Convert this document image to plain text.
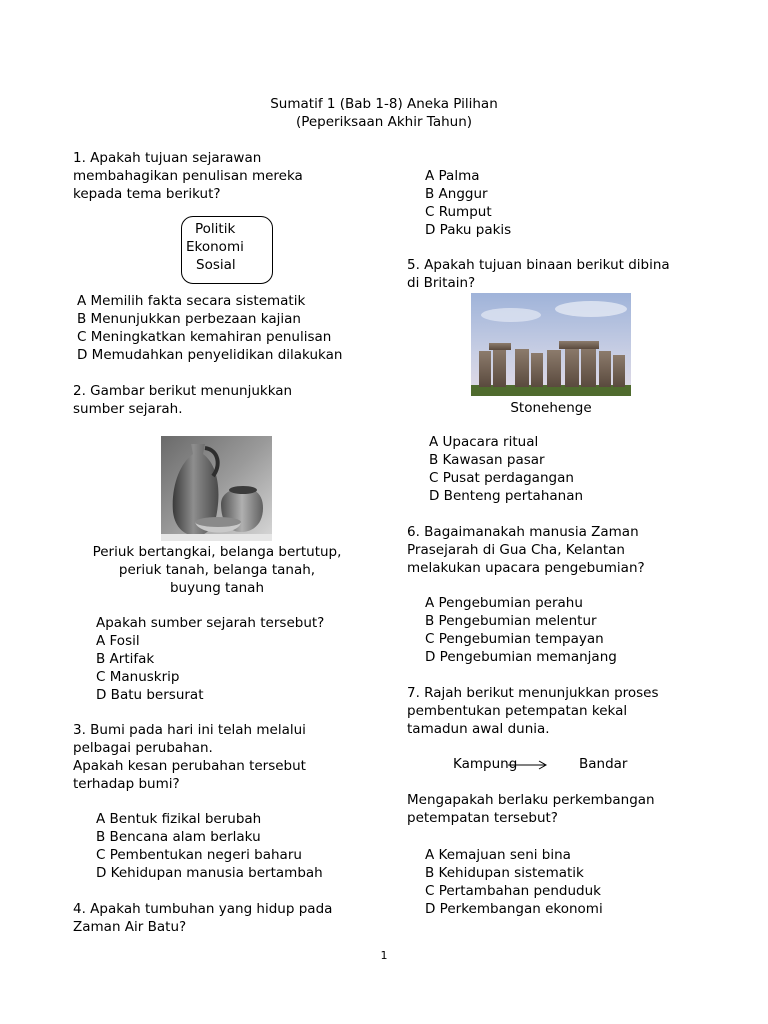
Sumatif 1 (Bab 1-8) Aneka Pilihan
(Peperiksaan Akhir Tahun)
1. Apakah tujuan sejarawan
membahagikan penulisan mereka
kepada tema berikut?
Politik
Ekonomi
Sosial
A Memilih fakta secara sistematik
B Menunjukkan perbezaan kajian
C Meningkatkan kemahiran penulisan
D Memudahkan penyelidikan dilakukan
2. Gambar berikut menunjukkan
sumber sejarah.
Periuk bertangkai, belanga bertutup,
periuk tanah, belanga tanah,
buyung tanah
Apakah sumber sejarah tersebut?
A Fosil
B Artifak
C Manuskrip
D Batu bersurat
3. Bumi pada hari ini telah melalui
pelbagai perubahan.
Apakah kesan perubahan tersebut
terhadap bumi?
A Bentuk fizikal berubah
B Bencana alam berlaku
C Pembentukan negeri baharu
D Kehidupan manusia bertambah
4. Apakah tumbuhan yang hidup pada
Zaman Air Batu?
A Palma
B Anggur
C Rumput
D Paku pakis
5. Apakah tujuan binaan berikut dibina
di Britain?
Stonehenge
A Upacara ritual
B Kawasan pasar
C Pusat perdagangan
D Benteng pertahanan
6. Bagaimanakah manusia Zaman
Prasejarah di Gua Cha, Kelantan
melakukan upacara pengebumian?
A Pengebumian perahu
B Pengebumian melentur
C Pengebumian tempayan
D Pengebumian memanjang
7. Rajah berikut menunjukkan proses
pembentukan petempatan kekal
tamadun awal dunia.
Kampung	Bandar
Mengapakah berlaku perkembangan
petempatan tersebut?
A Kemajuan seni bina
B Kehidupan sistematik
C Pertambahan penduduk
D Perkembangan ekonomi
1
